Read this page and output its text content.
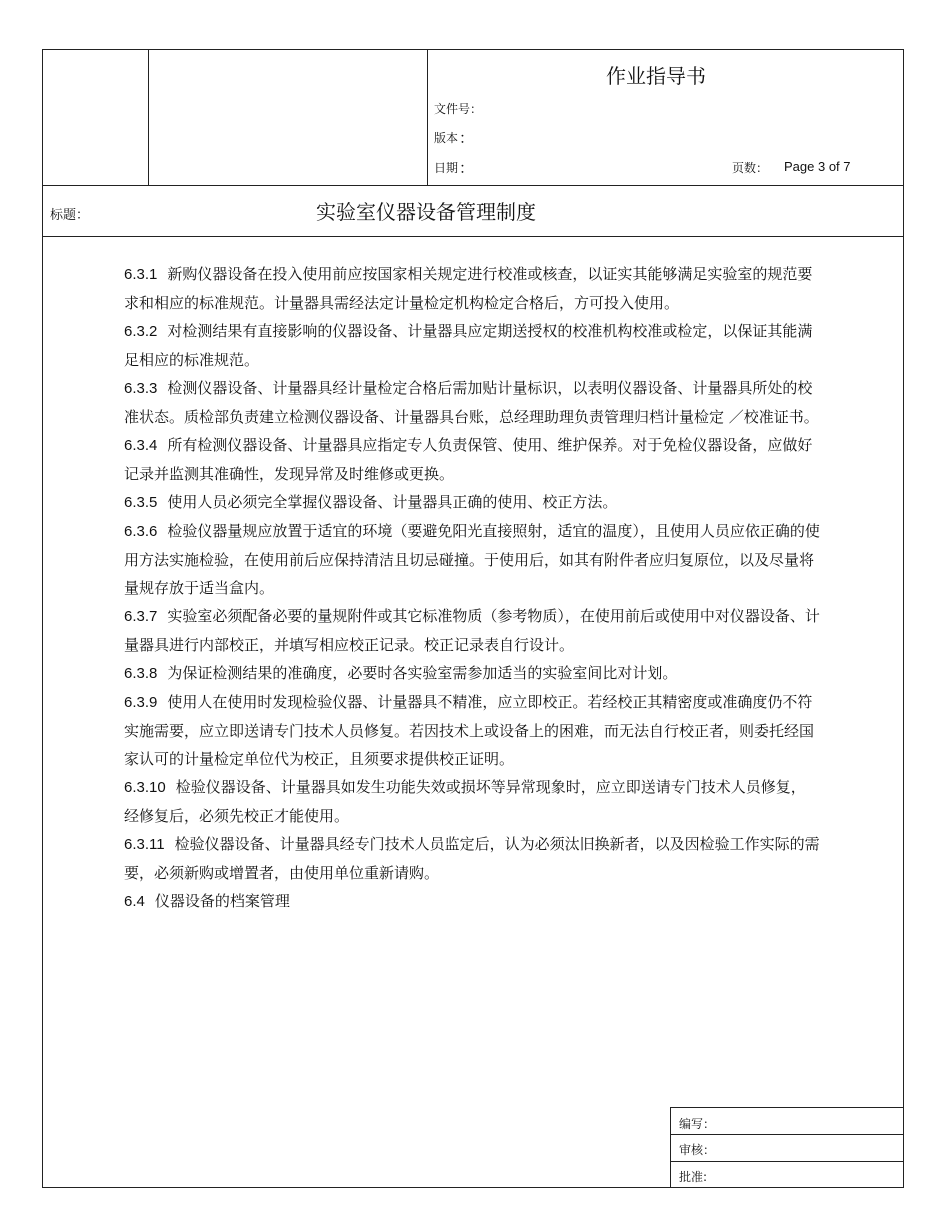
作业指导书
文件号：
版本 ：
日期 ：	页数： Page 3 of 7
标题：	实验室仪器设备管理制度

6.3.1 新购仪器设备在投入使用前应按国家相关规定进行校准或核查，以证实其能够满足实验室的规范要求和相应的标准规范。计量器具需经法定计量检定机构检定合格后，方可投入使用。

6.3.2 对检测结果有直接影响的仪器设备、计量器具应定期送授权的校准机构校准或检定，以保证其能满足相应的标准规范。

6.3.3 检测仪器设备、计量器具经计量检定合格后需加贴计量标识，以表明仪器设备、计量器具所处的校准状态。质检部负责建立检测仪器设备、计量器具台账，总经理助理负责管理归档计量检定 ／校准证书。

6.3.4 所有检测仪器设备、计量器具应指定专人负责保管、使用、维护保养。对于免检仪器设备，应做好记录并监测其准确性，发现异常及时维修或更换。

6.3.5 使用人员必须完全掌握仪器设备、计量器具正确的使用、校正方法。

6.3.6 检验仪器量规应放置于适宜的环境（要避免阳光直接照射，适宜的温度），且使用人员应依正确的使用方法实施检验，在使用前后应保持清洁且切忌碰撞。于使用后，如其有附件者应归复原位，以及尽量将量规存放于适当盒内。

6.3.7 实验室必须配备必要的量规附件或其它标准物质（参考物质），在使用前后或使用中对仪器设备、计量器具进行内部校正，并填写相应校正记录。校正记录表自行设计。

6.3.8 为保证检测结果的准确度，必要时各实验室需参加适当的实验室间比对计划。

6.3.9 使用人在使用时发现检验仪器、计量器具不精准，应立即校正。若经校正其精密度或准确度仍不符实施需要，应立即送请专门技术人员修复。若因技术上或设备上的困难，而无法自行校正者，则委托经国家认可的计量检定单位代为校正，且须要求提供校正证明。

6.3.10 检验仪器设备、计量器具如发生功能失效或损坏等异常现象时，应立即送请专门技术人员修复，经修复后，必须先校正才能使用。

6.3.11 检验仪器设备、计量器具经专门技术人员监定后，认为必须汰旧换新者，以及因检验工作实际的需要，必须新购或增置者，由使用单位重新请购。

6.4 仪器设备的档案管理

编写：
审核：
批准:
